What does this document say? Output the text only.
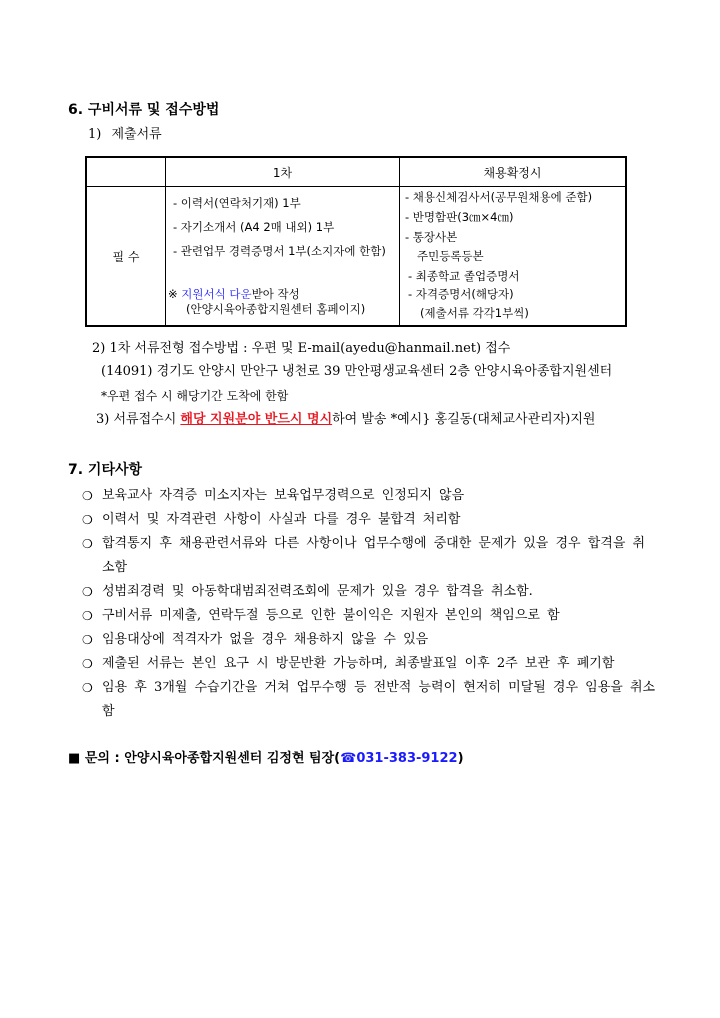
6. 구비서류 및 접수방법
1) 제출서류
1차	채용확정시
필 수
- 이력서(연락처기재) 1부
- 자기소개서 (A4 2매 내외) 1부
- 관련업무 경력증명서 1부(소지자에 한함)
※ 지원서식 다운받아 작성
(안양시육아종합지원센터 홈페이지)
- 채용신체검사서(공무원채용에 준함)
- 반명함판(3㎝×4㎝)
- 통장사본
주민등록등본
- 최종학교 졸업증명서
- 자격증명서(해당자)
(제출서류 각각1부씩)
2) 1차 서류전형 접수방법 : 우편 및 E-mail(ayedu@hanmail.net) 접수
(14091) 경기도 안양시 만안구 냉천로 39 만안평생교육센터 2층 안양시육아종합지원센터
*우편 접수 시 해당기간 도착에 한함
3) 서류접수시 해당 지원분야 반드시 명시하여 발송 *예시} 홍길동(대체교사관리자)지원
7. 기타사항
❍ 보육교사 자격증 미소지자는 보육업무경력으로 인정되지 않음
❍ 이력서 및 자격관련 사항이 사실과 다를 경우 불합격 처리함
❍ 합격통지 후 채용관련서류와 다른 사항이나 업무수행에 중대한 문제가 있을 경우 합격을 취소함
❍ 성범죄경력 및 아동학대범죄전력조회에 문제가 있을 경우 합격을 취소함.
❍ 구비서류 미제출, 연락두절 등으로 인한 불이익은 지원자 본인의 책임으로 함
❍ 임용대상에 적격자가 없을 경우 채용하지 않을 수 있음
❍ 제출된 서류는 본인 요구 시 방문반환 가능하며, 최종발표일 이후 2주 보관 후 폐기함
❍ 임용 후 3개월 수습기간을 거쳐 업무수행 등 전반적 능력이 현저히 미달될 경우 임용을 취소함
■ 문의 : 안양시육아종합지원센터 김정현 팀장(☎031-383-9122)
